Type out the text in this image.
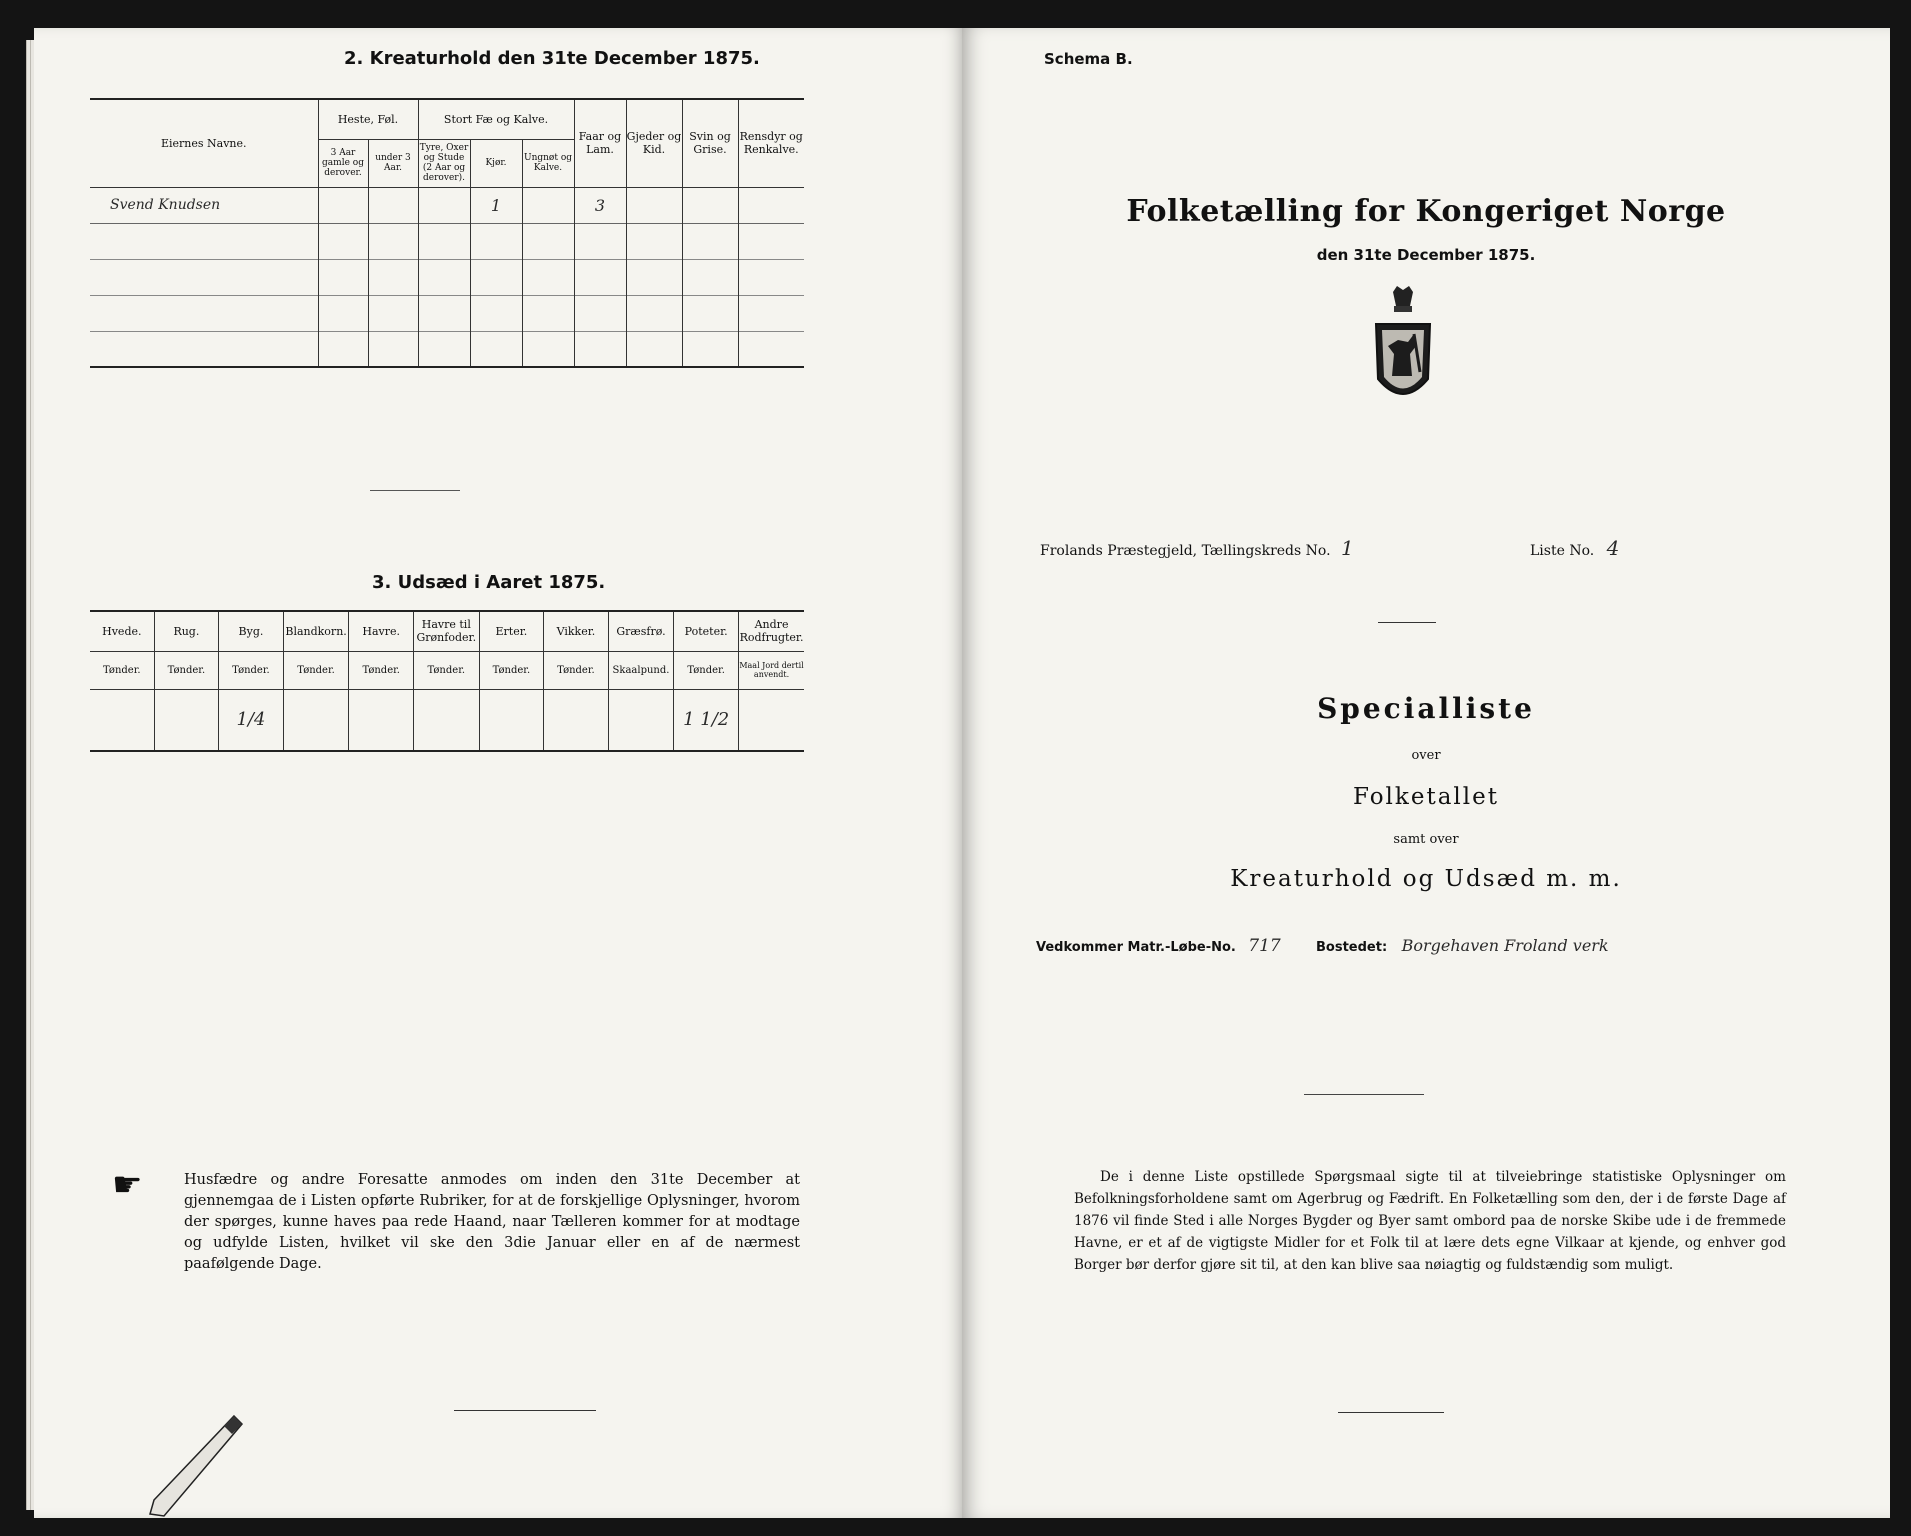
2. Kreaturhold den 31te December 1875.
Eiernes Navne.	Heste, Føl.		Stort Fæ og Kalve.			Faar og Lam.	Gjeder og Kid.	Svin og Grise.	Rensdyr og Renkalve.
	3 Aar gamle og derover.	under 3 Aar.	Tyre, Oxer og Stude (2 Aar og derover).	Kjør.	Ungnøt og Kalve.				
Svend Knudsen				1		3			

3. Udsæd i Aaret 1875.
Hvede.	Rug.	Byg.	Blandkorn.	Havre.	Havre til Grønfoder.	Erter.	Vikker.	Græsfrø.	Poteter.	Andre Rodfrugter.
Tønder.	Tønder.	Tønder.	Tønder.	Tønder.	Tønder.	Tønder.	Tønder.	Skaalpund.	Tønder.	Maal Jord dertil anvendt.
		1/4							1 1/2	
☛	Husfædre og andre Foresatte anmodes om inden den 31te December at gjennemgaa de i Listen opførte Rubriker, for at de forskjellige Oplysninger, hvorom der spørges, kunne haves paa rede Haand, naar Tælleren kommer for at modtage og udfylde Listen, hvilket vil ske den 3die Januar eller en af de nærmest paafølgende Dage.
Schema B.
Folketælling for Kongeriget Norge
den 31te December 1875.
Frolands Præstegjeld, Tællingskreds No. 1	Liste No. 4
Specialliste
over
Folketallet
samt over
Kreaturhold og Udsæd m. m.
Vedkommer Matr.-Løbe-No. 717	Bostedet: Borgehaven Froland verk
De i denne Liste opstillede Spørgsmaal sigte til at tilveiebringe statistiske Oplysninger om Befolkningsforholdene samt om Agerbrug og Fædrift. En Folketælling som den, der i de første Dage af 1876 vil finde Sted i alle Norges Bygder og Byer samt ombord paa de norske Skibe ude i de fremmede Havne, er et af de vigtigste Midler for et Folk til at lære dets egne Vilkaar at kjende, og enhver god Borger bør derfor gjøre sit til, at den kan blive saa nøiagtig og fuldstændig som muligt.
